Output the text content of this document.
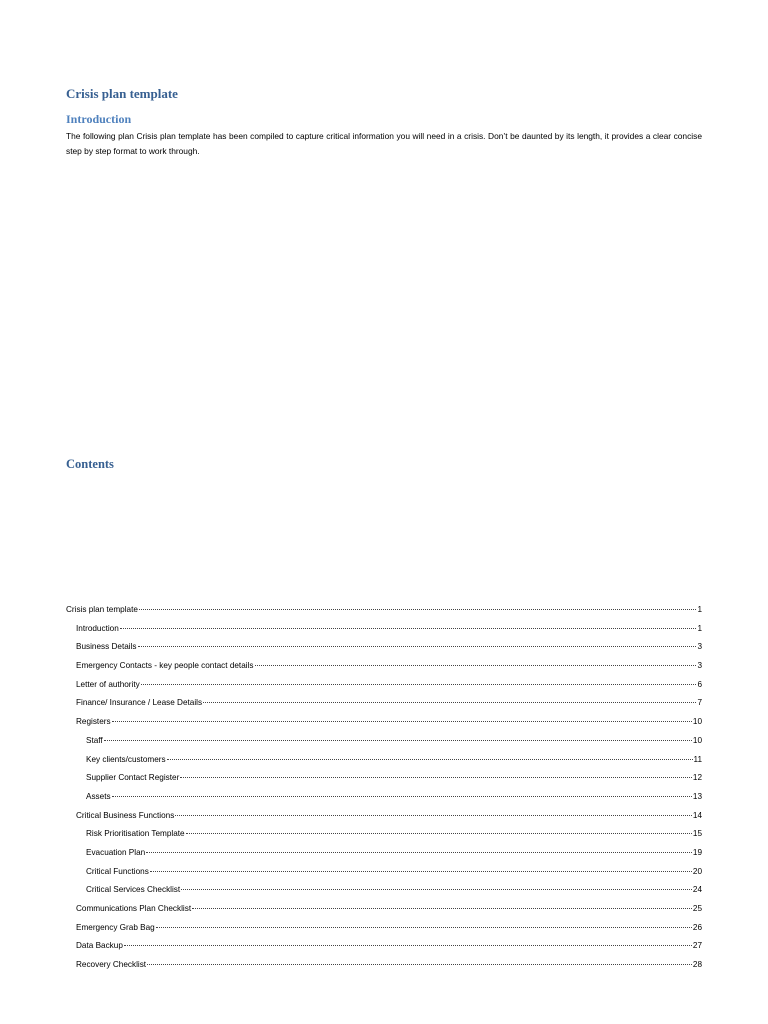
Crisis plan template
Introduction

The following plan Crisis plan template has been compiled to capture critical information you will need in a crisis. Don’t be daunted by its length, it provides a clear concise step by step format to work through.

Contents
Crisis plan template	1
Introduction	1
Business Details	3
Emergency Contacts - key people contact details	3
Letter of authority	6
Finance/ Insurance / Lease Details	7
Registers	10
Staff	10
Key clients/customers	11
Supplier Contact Register	12
Assets	13
Critical Business Functions	14
Risk Prioritisation Template	15
Evacuation Plan	19
Critical Functions	20
Critical Services Checklist	24
Communications Plan Checklist	25
Emergency Grab Bag	26
Data Backup	27
Recovery Checklist	28
